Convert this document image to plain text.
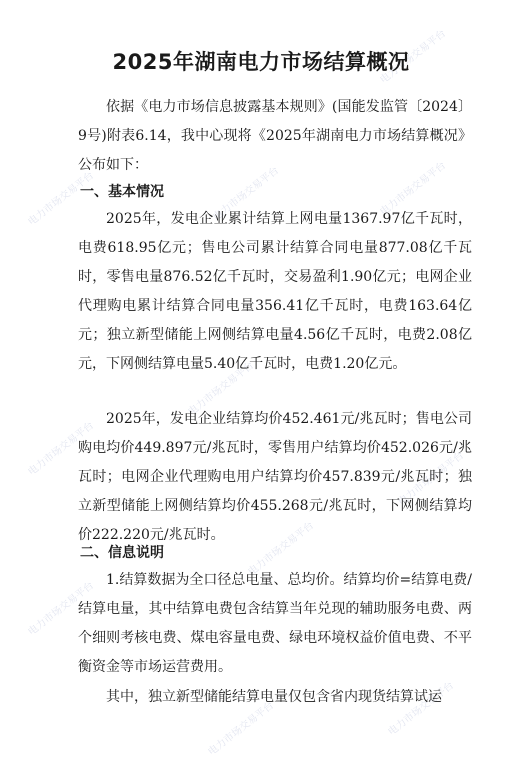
电力市场交易平台
电力市场交易平台	电力市场交易平台
电力市场交易平台
电力市场交易平台
电力市场交易平台
电力市场交易平台
电力市场交易平台
电力市场交易平台
电力市场交易平台	电力市场交易平台
2025年湖南电力市场结算概况

依据《电力市场信息披露基本规则》(国能发监管〔2024〕9号)附表6.14，我中心现将《2025年湖南电力市场结算概况》公布如下：

一、基本情况

2025年，发电企业累计结算上网电量1367.97亿千瓦时，电费618.95亿元；售电公司累计结算合同电量877.08亿千瓦时，零售电量876.52亿千瓦时，交易盈利1.90亿元；电网企业代理购电累计结算合同电量356.41亿千瓦时，电费163.64亿元；独立新型储能上网侧结算电量4.56亿千瓦时，电费2.08亿元，下网侧结算电量5.40亿千瓦时，电费1.20亿元。

2025年，发电企业结算均价452.461元/兆瓦时；售电公司购电均价449.897元/兆瓦时，零售用户结算均价452.026元/兆瓦时；电网企业代理购电用户结算均价457.839元/兆瓦时；独立新型储能上网侧结算均价455.268元/兆瓦时，下网侧结算均价222.220元/兆瓦时。

二、信息说明

1.结算数据为全口径总电量、总均价。结算均价=结算电费/结算电量，其中结算电费包含结算当年兑现的辅助服务电费、两个细则考核电费、煤电容量电费、绿电环境权益价值电费、不平衡资金等市场运营费用。

其中，独立新型储能结算电量仅包含省内现货结算试运
